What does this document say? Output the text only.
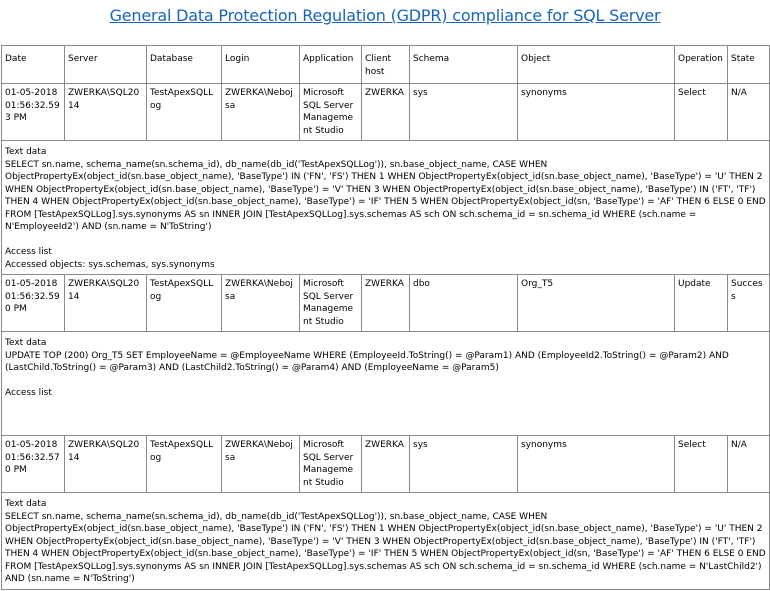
General Data Protection Regulation (GDPR) compliance for SQL Server
Date	Server	Database	Login	Application	Client host	Schema	Object	Operation	State
01-05-2018 01:56:32.593 PM	ZWERKA\SQL2014	TestApexSQLLog	ZWERKA\Nebojsa	Microsoft SQL Server Management Studio	ZWERKA	sys	synonyms	Select	N/A

Text data
SELECT sn.name, schema_name(sn.schema_id), db_name(db_id('TestApexSQLLog')), sn.base_object_name, CASE WHEN ObjectPropertyEx(object_id(sn.base_object_name), 'BaseType') IN ('FN', 'FS') THEN 1 WHEN ObjectPropertyEx(object_id(sn.base_object_name), 'BaseType') = 'U' THEN 2 WHEN ObjectPropertyEx(object_id(sn.base_object_name), 'BaseType') = 'V' THEN 3 WHEN ObjectPropertyEx(object_id(sn.base_object_name), 'BaseType') IN ('FT', 'TF') THEN 4 WHEN ObjectPropertyEx(object_id(sn.base_object_name), 'BaseType') = 'IF' THEN 5 WHEN ObjectPropertyEx(object_id(sn, 'BaseType') = 'AF' THEN 6 ELSE 0 END FROM [TestApexSQLLog].sys.synonyms AS sn INNER JOIN [TestApexSQLLog].sys.schemas AS sch ON sch.schema_id = sn.schema_id WHERE (sch.name = N'EmployeeId2') AND (sn.name = N'ToString')
Access list
Accessed objects: sys.schemas, sys.synonyms									

01-05-2018 01:56:32.590 PM	ZWERKA\SQL2014	TestApexSQLLog	ZWERKA\Nebojsa	Microsoft SQL Server Management Studio	ZWERKA	dbo	Org_T5	Update	Success

Text data
UPDATE TOP (200) Org_T5 SET EmployeeName = @EmployeeName WHERE (EmployeeId.ToString() = @Param1) AND (EmployeeId2.ToString() = @Param2) AND (LastChild.ToString() = @Param3) AND (LastChild2.ToString() = @Param4) AND (EmployeeName = @Param5)
Access list									

01-05-2018 01:56:32.570 PM	ZWERKA\SQL2014	TestApexSQLLog	ZWERKA\Nebojsa	Microsoft SQL Server Management Studio	ZWERKA	sys	synonyms	Select	N/A

Text data
SELECT sn.name, schema_name(sn.schema_id), db_name(db_id('TestApexSQLLog')), sn.base_object_name, CASE WHEN ObjectPropertyEx(object_id(sn.base_object_name), 'BaseType') IN ('FN', 'FS') THEN 1 WHEN ObjectPropertyEx(object_id(sn.base_object_name), 'BaseType') = 'U' THEN 2 WHEN ObjectPropertyEx(object_id(sn.base_object_name), 'BaseType') = 'V' THEN 3 WHEN ObjectPropertyEx(object_id(sn.base_object_name), 'BaseType') IN ('FT', 'TF') THEN 4 WHEN ObjectPropertyEx(object_id(sn.base_object_name), 'BaseType') = 'IF' THEN 5 WHEN ObjectPropertyEx(object_id(sn, 'BaseType') = 'AF' THEN 6 ELSE 0 END FROM [TestApexSQLLog].sys.synonyms AS sn INNER JOIN [TestApexSQLLog].sys.schemas AS sch ON sch.schema_id = sn.schema_id WHERE (sch.name = N'LastChild2') AND (sn.name = N'ToString')									
